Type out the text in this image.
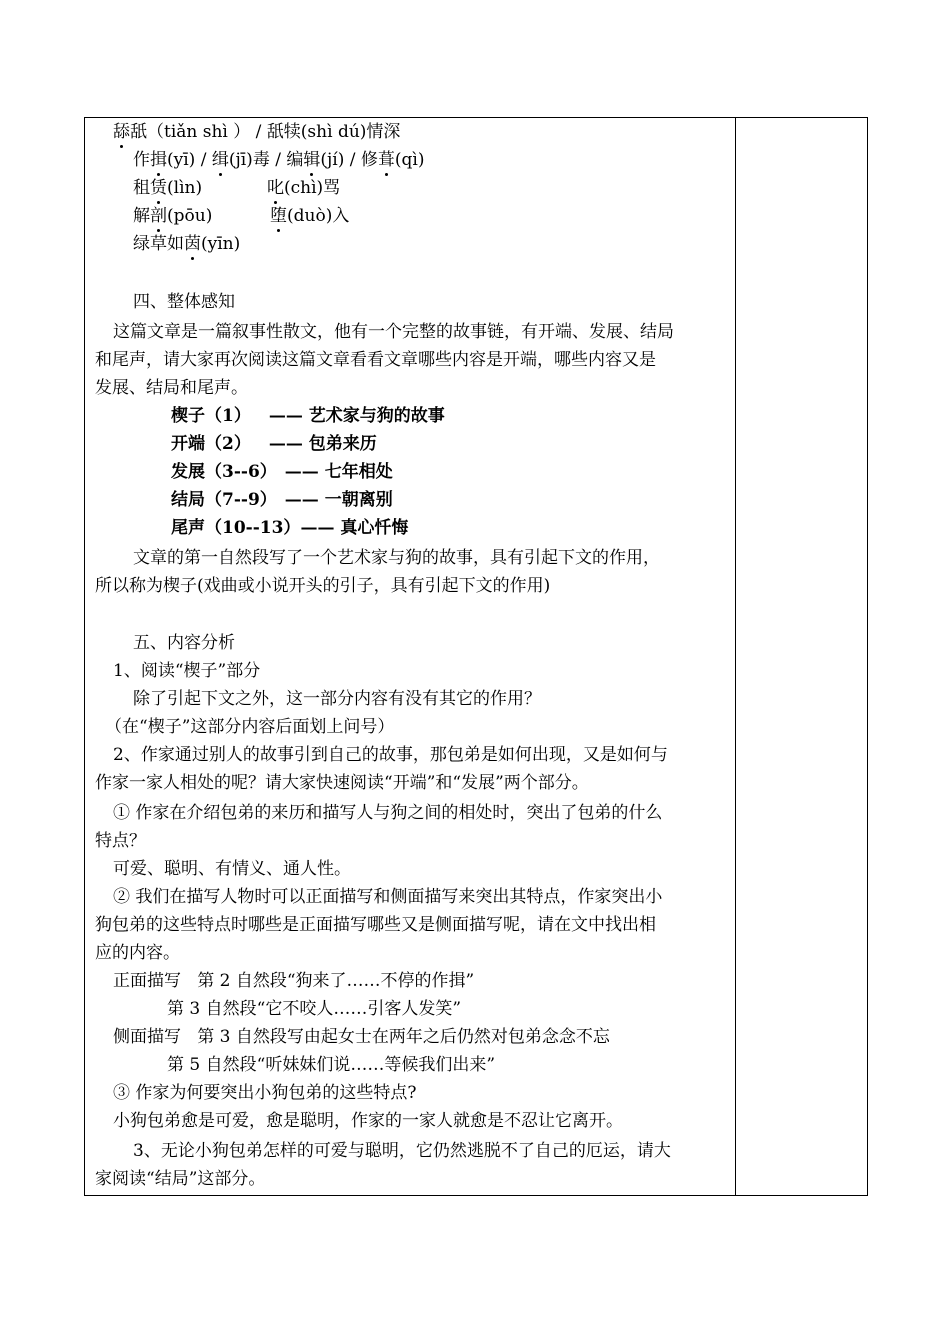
舔舐（tiǎn shì ） / 舐犊(shì dú)情深
作揖(yī) / 缉(jī)毒 / 编辑(jí) / 修葺(qì)
租赁(lìn)	叱(chì)骂
解剖(pōu)	堕(duò)入
绿草如茵(yīn)
四、整体感知
这篇文章是一篇叙事性散文，他有一个完整的故事链，有开端、发展、结局
和尾声，请大家再次阅读这篇文章看看文章哪些内容是开端，哪些内容又是
发展、结局和尾声。
楔子（1） —— 艺术家与狗的故事
开端（2） —— 包弟来历
发展（3--6） —— 七年相处
结局（7--9） —— 一朝离别
尾声（10--13）—— 真心忏悔
文章的第一自然段写了一个艺术家与狗的故事，具有引起下文的作用，
所以称为楔子(戏曲或小说开头的引子，具有引起下文的作用)
五、内容分析
1、阅读“楔子”部分
除了引起下文之外，这一部分内容有没有其它的作用？
（在“楔子”这部分内容后面划上问号）
2、作家通过别人的故事引到自己的故事，那包弟是如何出现，又是如何与
作家一家人相处的呢？请大家快速阅读“开端”和“发展”两个部分。
① 作家在介绍包弟的来历和描写人与狗之间的相处时，突出了包弟的什么
特点？
可爱、聪明、有情义、通人性。
② 我们在描写人物时可以正面描写和侧面描写来突出其特点，作家突出小
狗包弟的这些特点时哪些是正面描写哪些又是侧面描写呢，请在文中找出相
应的内容。
正面描写   第 2 自然段“狗来了……不停的作揖”
第 3 自然段“它不咬人……引客人发笑”
侧面描写   第 3 自然段写由起女士在两年之后仍然对包弟念念不忘
第 5 自然段“听妹妹们说……等候我们出来”
③ 作家为何要突出小狗包弟的这些特点?
小狗包弟愈是可爱，愈是聪明，作家的一家人就愈是不忍让它离开。
3、无论小狗包弟怎样的可爱与聪明，它仍然逃脱不了自己的厄运，请大
家阅读“结局”这部分。
